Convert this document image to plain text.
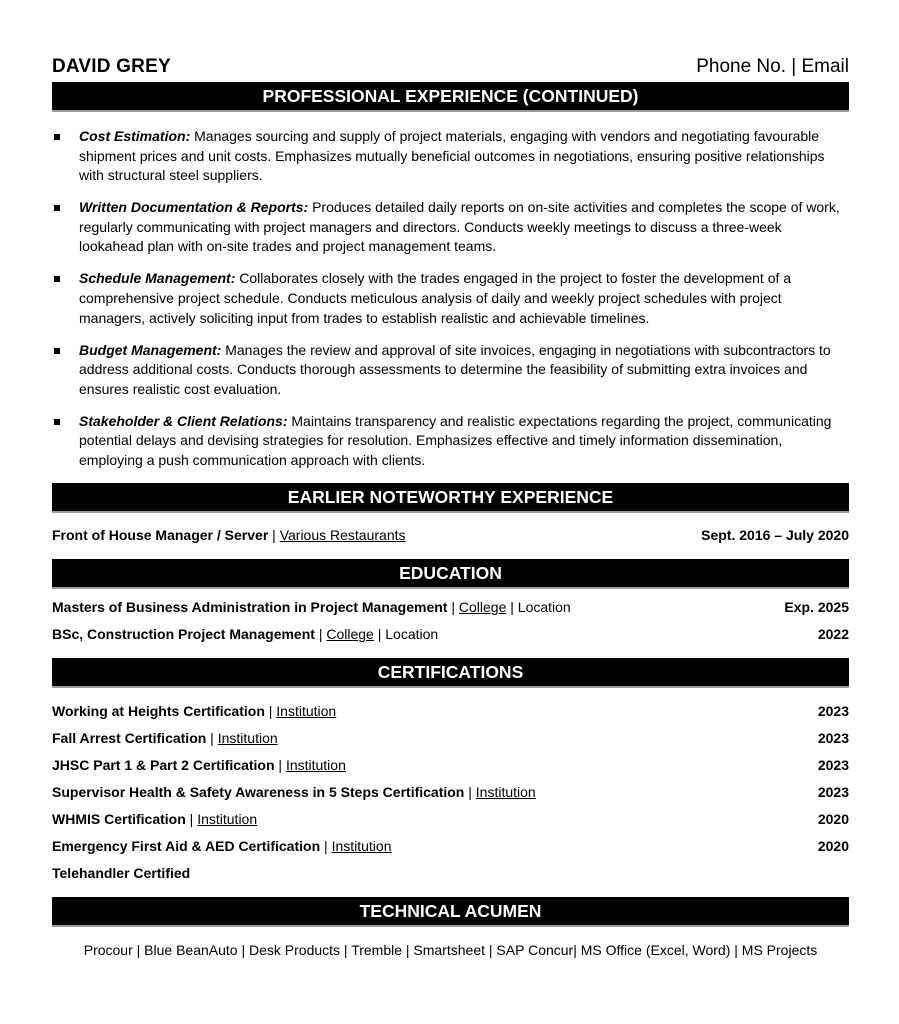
DAVID GREY	Phone No. | Email
PROFESSIONAL EXPERIENCE (CONTINUED)
Cost Estimation: Manages sourcing and supply of project materials, engaging with vendors and negotiating favourable shipment prices and unit costs. Emphasizes mutually beneficial outcomes in negotiations, ensuring positive relationships with structural steel suppliers.
Written Documentation & Reports: Produces detailed daily reports on on-site activities and completes the scope of work, regularly communicating with project managers and directors. Conducts weekly meetings to discuss a three-week lookahead plan with on-site trades and project management teams.
Schedule Management: Collaborates closely with the trades engaged in the project to foster the development of a comprehensive project schedule. Conducts meticulous analysis of daily and weekly project schedules with project managers, actively soliciting input from trades to establish realistic and achievable timelines.
Budget Management: Manages the review and approval of site invoices, engaging in negotiations with subcontractors to address additional costs. Conducts thorough assessments to determine the feasibility of submitting extra invoices and ensures realistic cost evaluation.
Stakeholder & Client Relations: Maintains transparency and realistic expectations regarding the project, communicating potential delays and devising strategies for resolution. Emphasizes effective and timely information dissemination, employing a push communication approach with clients.
EARLIER NOTEWORTHY EXPERIENCE
Front of House Manager / Server | Various Restaurants	Sept. 2016 – July 2020
EDUCATION
Masters of Business Administration in Project Management | College | Location	Exp. 2025
BSc, Construction Project Management | College | Location	2022
CERTIFICATIONS
Working at Heights Certification | Institution	2023
Fall Arrest Certification | Institution	2023
JHSC Part 1 & Part 2 Certification | Institution	2023
Supervisor Health & Safety Awareness in 5 Steps Certification | Institution	2023
WHMIS Certification | Institution	2020
Emergency First Aid & AED Certification | Institution	2020
Telehandler Certified
TECHNICAL ACUMEN
Procour | Blue BeanAuto | Desk Products | Tremble | Smartsheet | SAP Concur| MS Office (Excel, Word) | MS Projects
